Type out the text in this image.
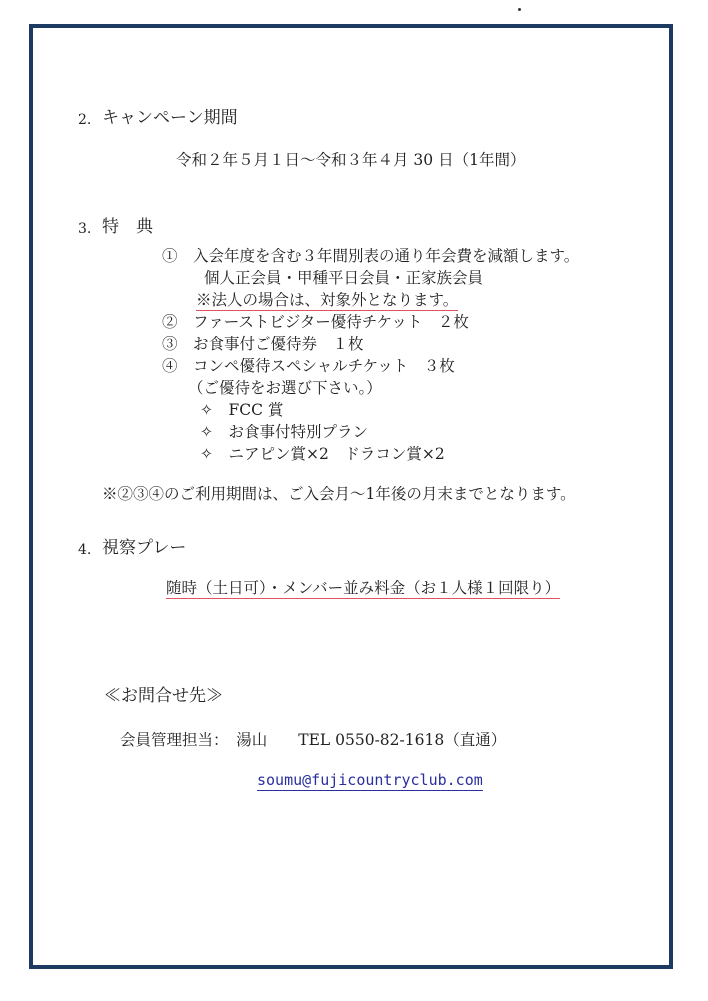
2. キャンペーン期間
令和２年５月１日～令和３年４月 30 日（1年間）
3. 特　典
①　入会年度を含む３年間別表の通り年会費を減額します。
個人正会員・甲種平日会員・正家族会員
※法人の場合は、対象外となります。
②　ファーストビジター優待チケット　２枚
③　お食事付ご優待券　１枚
④　コンペ優待スペシャルチケット　３枚
（ご優待をお選び下さい。）
✧　FCC 賞
✧　お食事付特別プラン
✧　ニアピン賞×2　ドラコン賞×2
※②③④のご利用期間は、ご入会月～1年後の月末までとなります。
4. 視察プレー
随時（土日可）・メンバー並み料金（お１人様１回限り）
≪お問合せ先≫
会員管理担当：　湯山　　TEL 0550-82-1618（直通）
soumu@fujicountryclub.com
